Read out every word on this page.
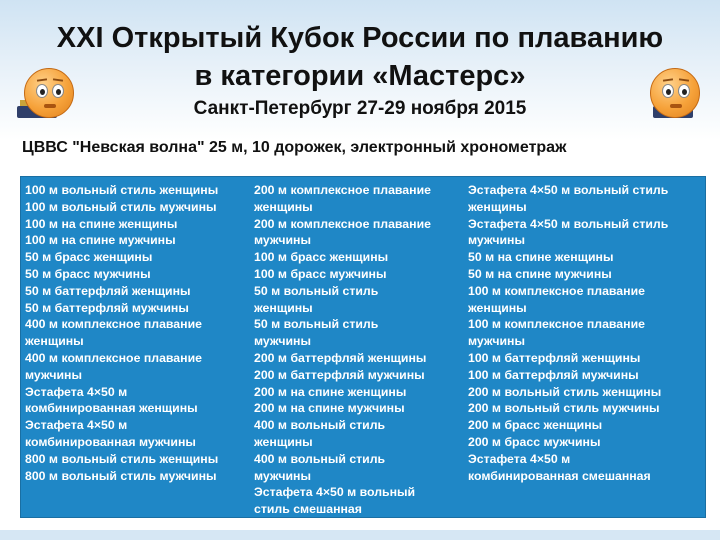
XXI Открытый Кубок России по плаванию
в категории «Мастерс»
Санкт-Петербург 27-29 ноября 2015
ЦВВС "Невская волна" 25 м, 10 дорожек, электронный хронометраж
100 м вольный стиль женщины
100 м вольный стиль мужчины
100 м на спине женщины
100 м на спине мужчины
50 м брасс женщины
50 м брасс мужчины
50 м баттерфляй женщины
50 м баттерфляй мужчины
400 м комплексное плавание
женщины
400 м комплексное плавание
мужчины
Эстафета 4×50 м
комбинированная женщины
Эстафета 4×50 м
комбинированная мужчины
800 м вольный стиль женщины
800 м вольный стиль мужчины
200 м комплексное плавание
женщины
200 м комплексное плавание
мужчины
100 м брасс женщины
100 м брасс мужчины
50 м вольный стиль
женщины
50 м вольный стиль
мужчины
200 м баттерфляй женщины
200 м баттерфляй мужчины
200 м на спине женщины
200 м на спине мужчины
400 м вольный стиль
женщины
400 м вольный стиль
мужчины
Эстафета 4×50 м вольный
стиль смешанная
Эстафета 4×50 м вольный стиль
женщины
Эстафета 4×50 м вольный стиль
мужчины
50 м на спине женщины
50 м на спине мужчины
100 м комплексное плавание
женщины
100 м комплексное плавание
мужчины
100 м баттерфляй женщины
100 м баттерфляй мужчины
200 м вольный стиль женщины
200 м вольный стиль мужчины
200 м брасс женщины
200 м брасс мужчины
Эстафета 4×50 м
комбинированная смешанная
